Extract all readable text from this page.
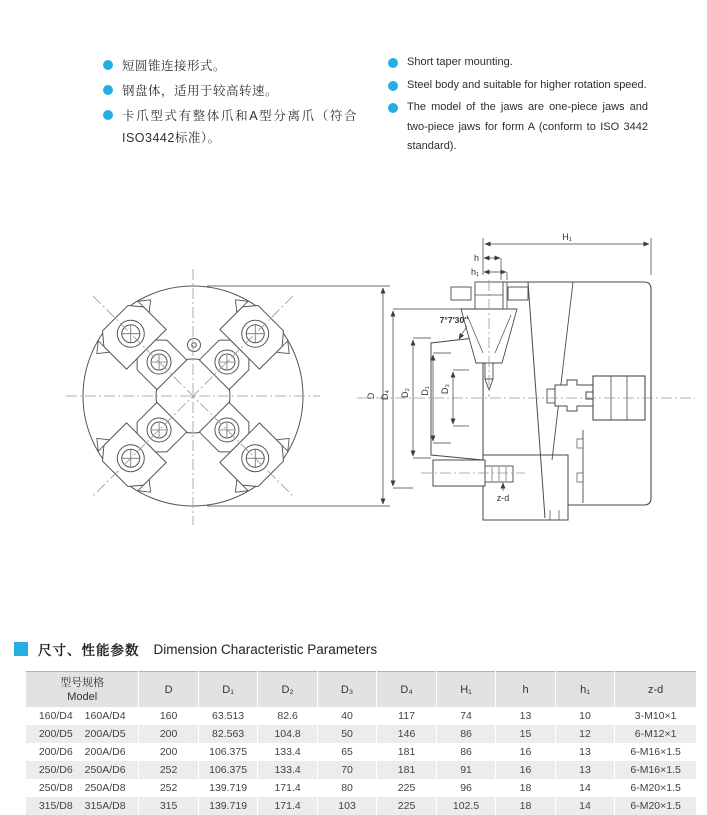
短圆锥连接形式。
钢盘体，适用于较高转速。
卡爪型式有整体爪和A型分离爪（符合 ISO3442标准）。
Short taper mounting.
Steel body and suitable for higher rotation speed.
The model of the jaws are one-piece jaws and two-piece jaws for form A (conform to ISO 3442 standard).
D
H₁
h
h₁
D₄ D₂ D₁ D₃
7°7′30″
z-d
尺寸、性能参数 Dimension Characteristic Parameters
型号规格
Model	D	D₁	D₂	D₃	D₄	H₁	h	h₁	z-d

160/D4 160A/D4	160	63.513	82.6	40	117	74	13	10	3-M10×1

200/D5 200A/D5	200	82.563	104.8	50	146	86	15	12	6-M12×1

200/D6 200A/D6	200	106.375	133.4	65	181	86	16	13	6-M16×1.5

250/D6 250A/D6	252	106.375	133.4	70	181	91	16	13	6-M16×1.5

250/D8 250A/D8	252	139.719	171.4	80	225	96	18	14	6-M20×1.5

315/D8 315A/D8	315	139.719	171.4	103	225	102.5	18	14	6-M20×1.5
